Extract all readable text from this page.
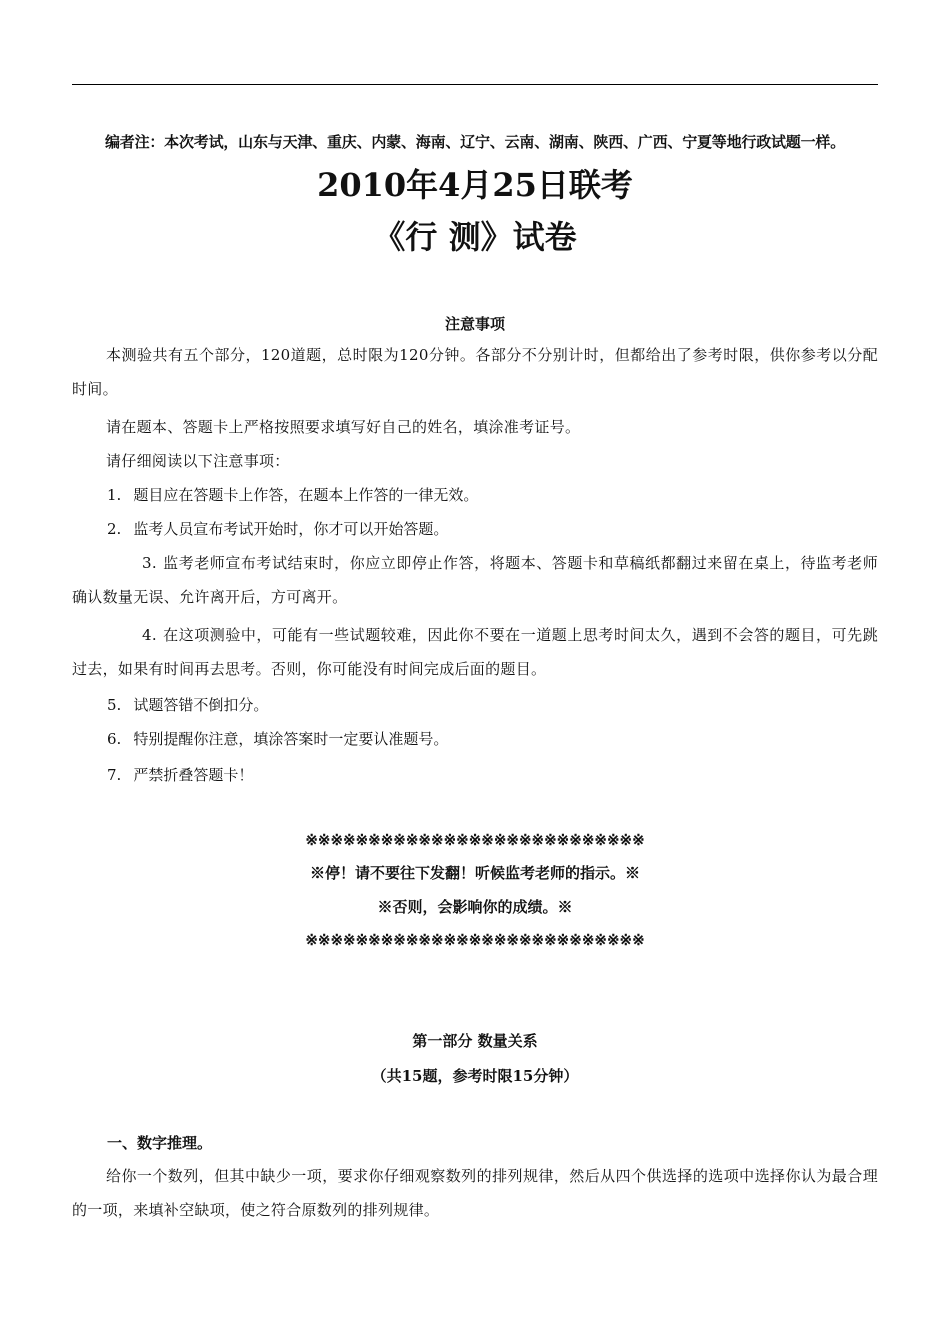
编者注：本次考试，山东与天津、重庆、内蒙、海南、辽宁、云南、湖南、陕西、广西、宁夏等地行政试题一样。
2010年4月25日联考
《行 测》试卷
注意事项
本测验共有五个部分，120道题，总时限为120分钟。各部分不分别计时，但都给出了参考时限，供你参考以分配时间。
请在题本、答题卡上严格按照要求填写好自己的姓名，填涂准考证号。
请仔细阅读以下注意事项：
1. 题目应在答题卡上作答，在题本上作答的一律无效。
2. 监考人员宣布考试开始时，你才可以开始答题。
3. 监考老师宣布考试结束时，你应立即停止作答，将题本、答题卡和草稿纸都翻过来留在桌上，待监考老师确认数量无误、允许离开后，方可离开。
4. 在这项测验中，可能有一些试题较难，因此你不要在一道题上思考时间太久，遇到不会答的题目，可先跳过去，如果有时间再去思考。否则，你可能没有时间完成后面的题目。
5. 试题答错不倒扣分。
6. 特别提醒你注意，填涂答案时一定要认准题号。
7. 严禁折叠答题卡！
※※※※※※※※※※※※※※※※※※※※※※※※※※※
※停！请不要往下发翻！听候监考老师的指示。※
※否则，会影响你的成绩。※
※※※※※※※※※※※※※※※※※※※※※※※※※※※
第一部分 数量关系
（共15题，参考时限15分钟）
一、数字推理。
给你一个数列，但其中缺少一项，要求你仔细观察数列的排列规律，然后从四个供选择的选项中选择你认为最合理的一项，来填补空缺项，使之符合原数列的排列规律。
